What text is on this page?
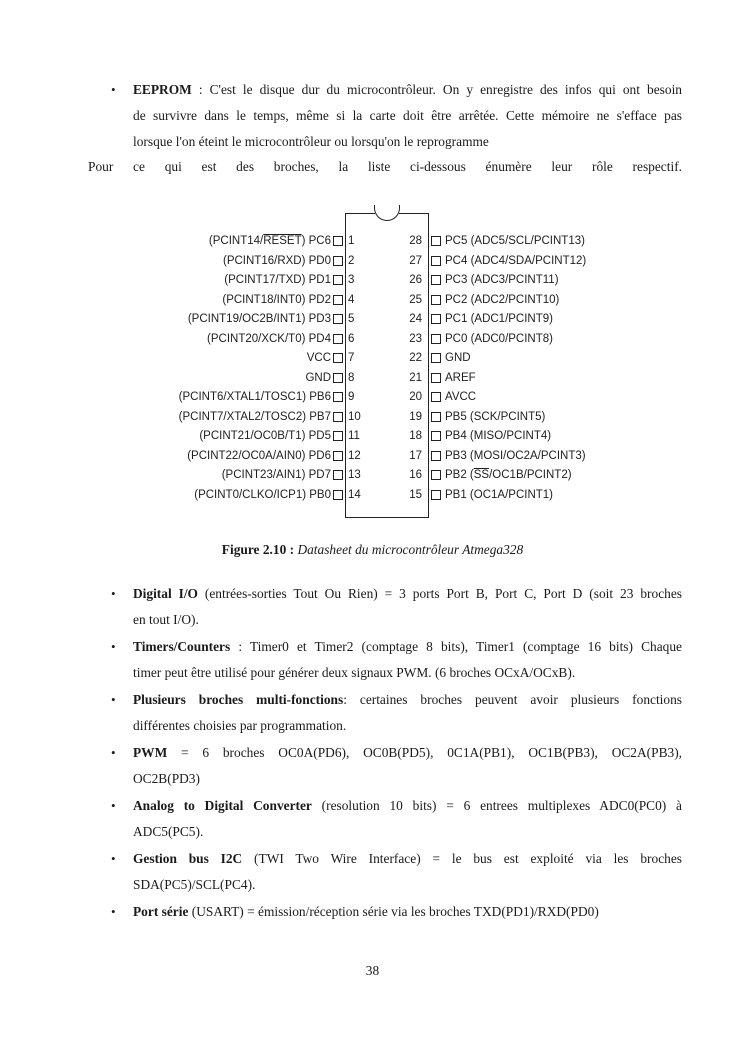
• EEPROM : C'est le disque dur du microcontrôleur. On y enregistre des infos qui ont besoin
de survivre dans le temps, même si la carte doit être arrêtée. Cette mémoire ne s'efface pas
lorsque l'on éteint le microcontrôleur ou lorsqu'on le reprogramme
Pour ce qui est des broches, la liste ci-dessous énumère leur rôle respectif.
(PCINT14/RESET) PC6 1
(PCINT16/RXD) PD0 2
(PCINT17/TXD) PD1 3
(PCINT18/INT0) PD2 4
(PCINT19/OC2B/INT1) PD3 5
(PCINT20/XCK/T0) PD4 6
VCC 7
GND 8
(PCINT6/XTAL1/TOSC1) PB6 9
(PCINT7/XTAL2/TOSC2) PB7 10
(PCINT21/OC0B/T1) PD5 11
(PCINT22/OC0A/AIN0) PD6 12
(PCINT23/AIN1) PD7 13
(PCINT0/CLKO/ICP1) PB0 14
28 PC5 (ADC5/SCL/PCINT13)
27 PC4 (ADC4/SDA/PCINT12)
26 PC3 (ADC3/PCINT11)
25 PC2 (ADC2/PCINT10)
24 PC1 (ADC1/PCINT9)
23 PC0 (ADC0/PCINT8)
22 GND
21 AREF
20 AVCC
19 PB5 (SCK/PCINT5)
18 PB4 (MISO/PCINT4)
17 PB3 (MOSI/OC2A/PCINT3)
16 PB2 $(\overline{SS}/OC1B/PCINT2)$
15 PB1 (OC1A/PCINT1)
Figure 2.10 : Datasheet du microcontrôleur Atmega328
• Digital I/O (entrées-sorties Tout Ou Rien) = 3 ports Port B, Port C, Port D (soit 23 broches
en tout I/O).
• Timers/Counters : Timer0 et Timer2 (comptage 8 bits), Timer1 (comptage 16 bits) Chaque
timer peut être utilisé pour générer deux signaux PWM. (6 broches OCxA/OCxB).
• Plusieurs broches multi-fonctions: certaines broches peuvent avoir plusieurs fonctions
différentes choisies par programmation.
• PWM = 6 broches OC0A(PD6), OC0B(PD5), 0C1A(PB1), OC1B(PB3), OC2A(PB3),
OC2B(PD3)
• Analog to Digital Converter (resolution 10 bits) = 6 entrees multiplexes ADC0(PC0) à
ADC5(PC5).
• Gestion bus I2C (TWI Two Wire Interface) = le bus est exploité via les broches
SDA(PC5)/SCL(PC4).
• Port série (USART) = émission/réception série via les broches TXD(PD1)/RXD(PD0)
38
